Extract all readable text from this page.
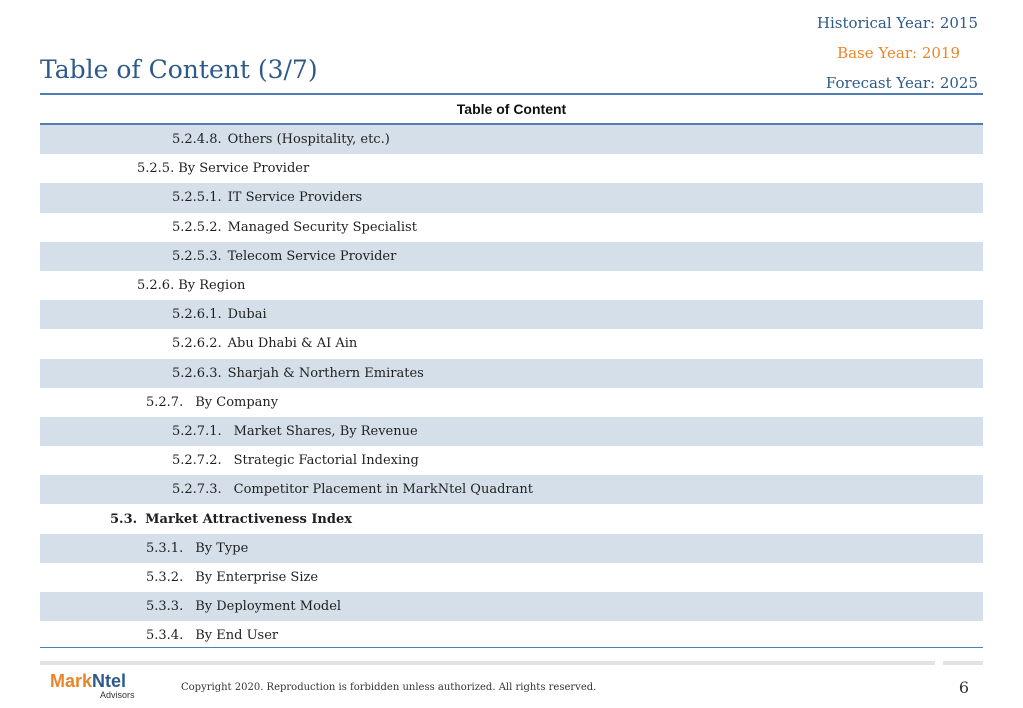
Historical Year: 2015
Base Year: 2019
Forecast Year: 2025
Table of Content (3/7)
Table of Content
5.2.4.8. Others (Hospitality, etc.)
5.2.5. By Service Provider
5.2.5.1. IT Service Providers
5.2.5.2. Managed Security Specialist
5.2.5.3. Telecom Service Provider
5.2.6. By Region
5.2.6.1. Dubai
5.2.6.2. Abu Dhabi & AI Ain
5.2.6.3. Sharjah & Northern Emirates
5.2.7. By Company
5.2.7.1. Market Shares, By Revenue
5.2.7.2. Strategic Factorial Indexing
5.2.7.3. Competitor Placement in MarkNtel Quadrant
5.3. Market Attractiveness Index
5.3.1. By Type
5.3.2. By Enterprise Size
5.3.3. By Deployment Model
5.3.4. By End User
MarkNtel
Advisors
Copyright 2020. Reproduction is forbidden unless authorized. All rights reserved.	6
